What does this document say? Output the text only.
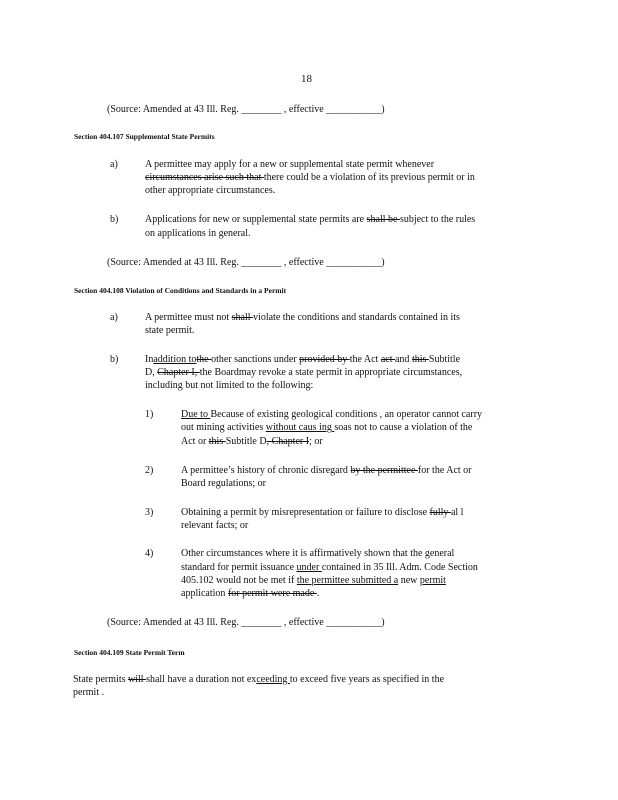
18
(Source: Amended at 43 Ill. Reg. ________ , effective ___________)
Section 404.107 Supplemental State Permits
a)	A permittee may apply for a new or supplemental state permit whenever
circumstances arise such that there could be a violation of its previous permit or in
other appropriate circumstances.
b)	Applications for new or supplemental state permits are shall be subject to the rules
on applications in general.
(Source: Amended at 43 Ill. Reg. ________ , effective ___________)
Section 404.108 Violation of Conditions and Standards in a Permit
a)	A permittee must not shall violate the conditions and standards contained in its
state permit.
b)	Inaddition tothe other sanctions under provided by the Act act and this Subtitle
D, Chapter I, the Boardmay revoke a state permit in appropriate circumstances,
including but not limited to the following:
1)	Due to Because of existing geological conditions , an operator cannot carry
out mining activities without caus ing soas not to cause a violation of the
Act or this Subtitle D, Chapter I; or
2)	A permittee’s history of chronic disregard by the permittee for the Act or
Board regulations; or
3)	Obtaining a permit by misrepresentation or failure to disclose fully al l
relevant facts; or
4)	Other circumstances where it is affirmatively shown that the general
standard for permit issuance under contained in 35 Ill. Adm. Code Section
405.102 would not be met if the permittee submitted a new permit
application for permit were made .
(Source: Amended at 43 Ill. Reg. ________ , effective ___________)
Section 404.109 State Permit Term
State permits will shall have a duration not exceeding to exceed five years as specified in the
permit .
